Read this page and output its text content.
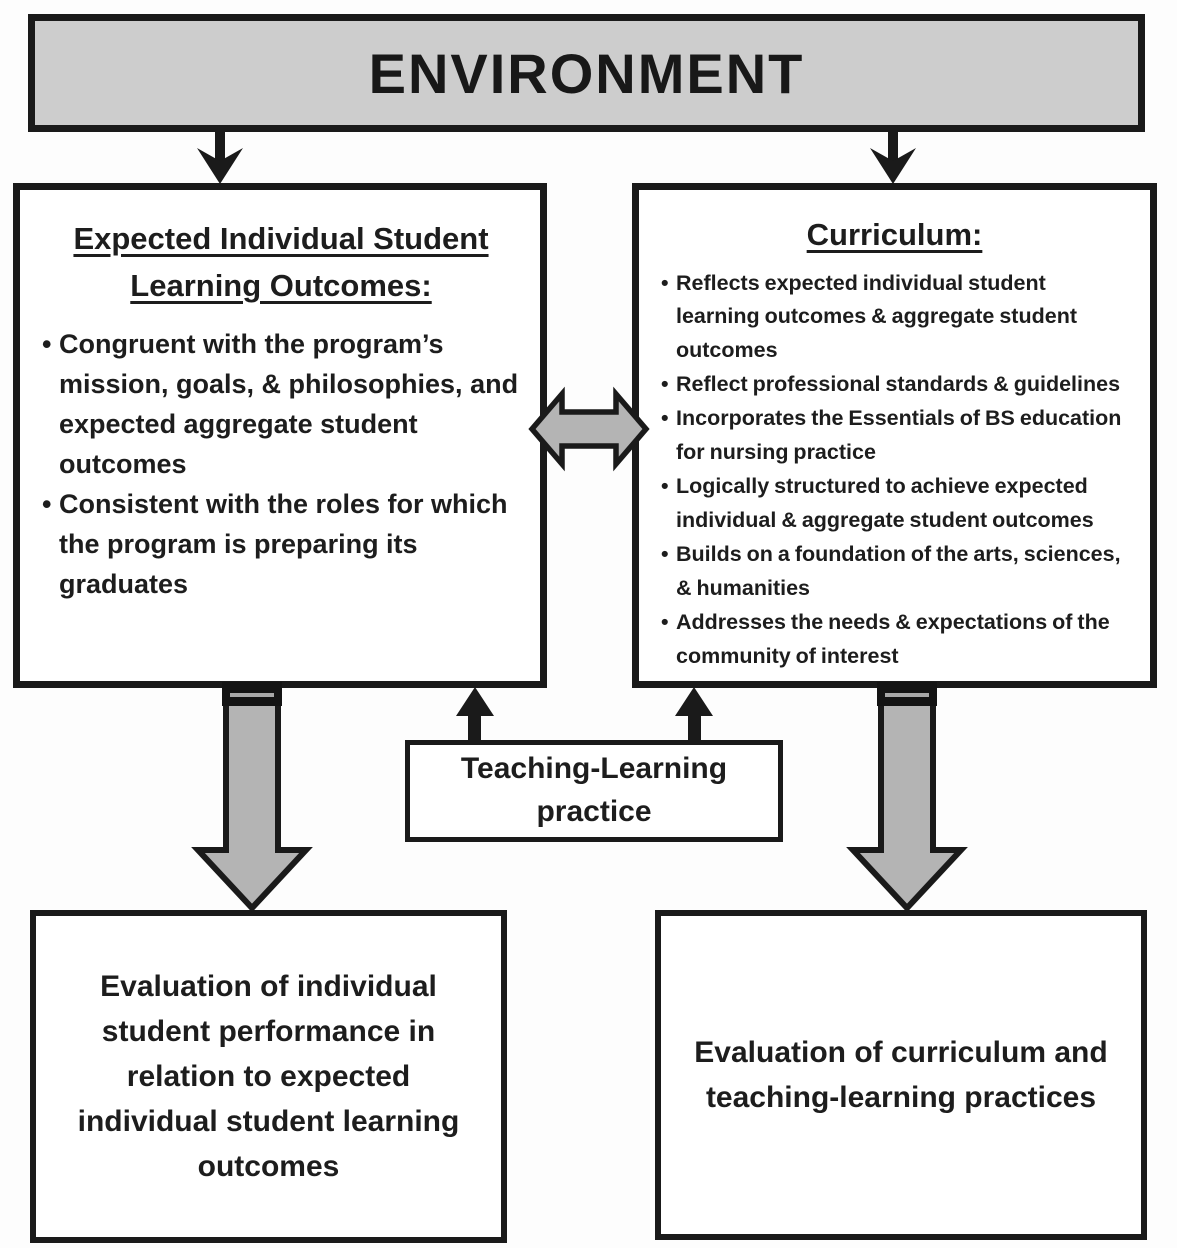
ENVIRONMENT
Expected Individual Student
Learning Outcomes:
• Congruent with the program’s mission, goals, & philosophies, and expected aggregate student outcomes
• Consistent with the roles for which the program is preparing its graduates
Curriculum:
• Reflects expected individual student learning outcomes & aggregate student outcomes
• Reflect professional standards & guidelines
• Incorporates the Essentials of BS education for nursing practice
• Logically structured to achieve expected individual & aggregate student outcomes
• Builds on a foundation of the arts, sciences, & humanities
• Addresses the needs & expectations of the community of interest
Teaching-Learning
practice
Evaluation of individual student performance in relation to expected individual student learning outcomes
Evaluation of curriculum and teaching-learning practices
